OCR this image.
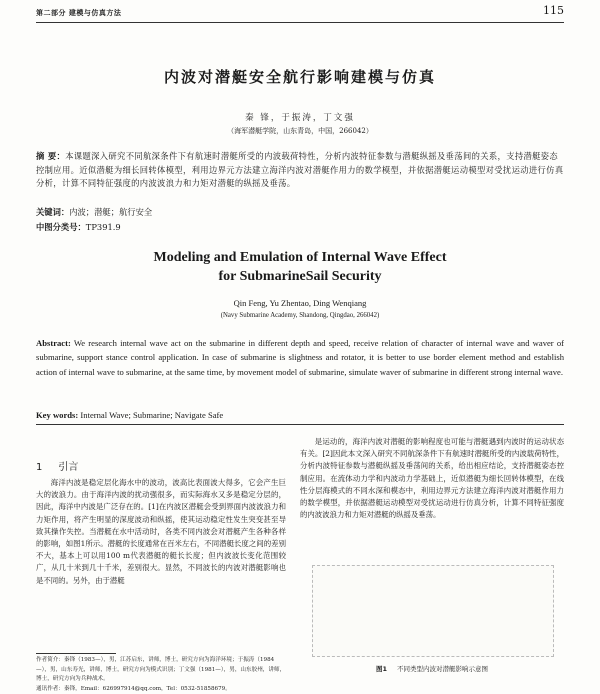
第二部分 建模与仿真方法	115
内波对潜艇安全航行影响建模与仿真
秦 锋，于振涛，丁文强
（海军潜艇学院，山东青岛，中国，266042）
摘 要：本课题深入研究不同航深条件下有航速时潜艇所受的内波载荷特性，分析内波特征参数与潜艇纵摇及垂荡间的关系，支持潜艇姿态控制应用。近似潜艇为细长回转体模型，利用边界元方法建立海洋内波对潜艇作用力的数学模型，并依据潜艇运动模型对受扰运动进行仿真分析，计算不同特征强度的内波波浪力和力矩对潜艇的纵摇及垂荡。
关键词：内波；潜艇；航行安全
中图分类号：TP391.9
Modeling and Emulation of Internal Wave Effect
for SubmarineSail Security
Qin Feng, Yu Zhentao, Ding Wenqiang
(Navy Submarine Academy, Shandong, Qingdao, 266042)
Abstract: We research internal wave act on the submarine in different depth and speed, receive relation of character of internal wave and waver of submarine, support stance control application. In case of submarine is slightness and rotator, it is better to use border element method and establish action of internal wave to submarine, at the same time, by movement model of submarine, simulate waver of submarine in different strong internal wave.
Key words: Internal Wave; Submarine; Navigate Safe
1 引言

海洋内波是稳定层化海水中的波动，波高比表面波大得多，它会产生巨大的波浪力。由于海洋内波的扰动强很多，而实际海水又多是稳定分层的，因此，海洋中内波是广泛存在的。[1]在内波区潜艇会受到界面内波波浪力和力矩作用，将产生明显的深度波动和纵摇，使其运动稳定性发生突变甚至导致其操作失控。当潜艇在水中活动时，各类不同内波会对潜艇产生各种各样的影响，如图1所示。潜艇的长度通常在百米左右，不同潜艇长度之间的差别不大，基本上可以用100 m代表潜艇的艇长长度；但内波波长变化范围较广，从几十米到几十千米，差别很大。显然，不同波长的内波对潜艇影响也是不同的。另外，由于潜艇

是运动的，海洋内波对潜艇的影响程度也可能与潜艇遇到内波时的运动状态有关。[2]因此本文深入研究不同航深条件下有航速时潜艇所受的内波载荷特性，分析内波特征参数与潜艇纵摇及垂荡间的关系，给出相应结论，支持潜艇姿态控制应用。在流体动力学和内波动力学基础上，近似潜艇为细长回转体模型，在线性分层海模式的不同水深和模态中，利用边界元方法建立海洋内波对潜艇作用力的数学模型，并依据潜艇运动模型对受扰运动进行仿真分析，计算不同特征强度的内波波浪力和力矩对潜艇的纵摇及垂荡。

图1 不同类型内波对潜艇影响示意图
作者简介：秦锋（1983—），男，江苏启东，讲师，博士，研究方向为海洋环境；于振涛（1984—），男，山东寿光，讲师，博士，研究方向为模式识别；丁文强（1981—），男，山东胶州，讲师，博士，研究方向为兵种战术。
通讯作者：秦锋，Email：626997914@qq.com，Tel：0532-51858679。
